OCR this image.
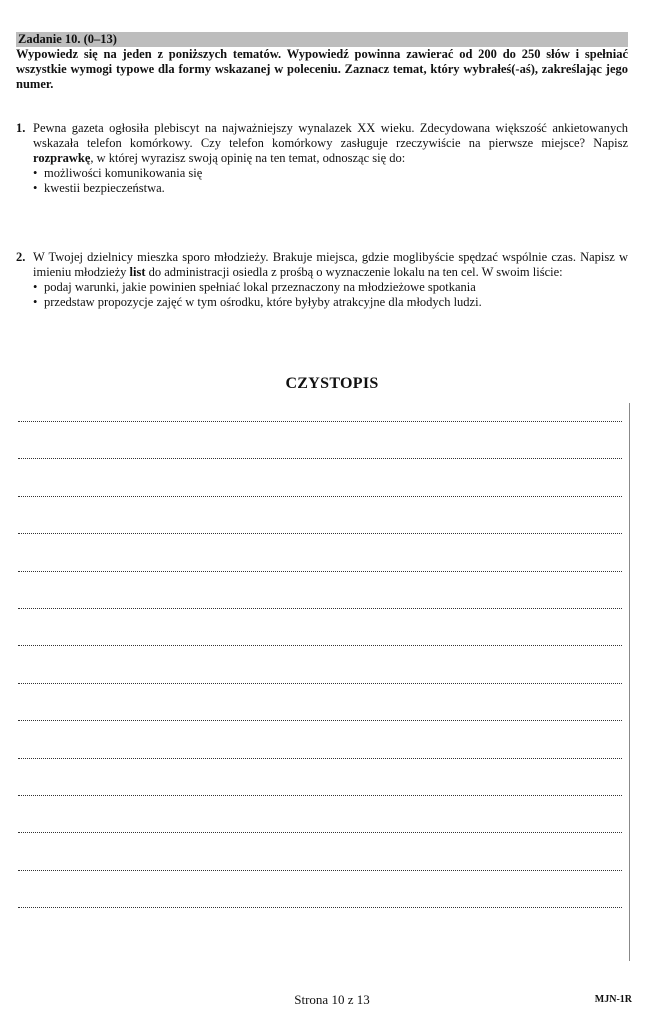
Zadanie 10. (0–13)
Wypowiedz się na jeden z poniższych tematów. Wypowiedź powinna zawierać od 200 do 250 słów i spełniać wszystkie wymogi typowe dla formy wskazanej w poleceniu. Zaznacz temat, który wybrałeś(-aś), zakreślając jego numer.
1. Pewna gazeta ogłosiła plebiscyt na najważniejszy wynalazek XX wieku. Zdecydowana większość ankietowanych wskazała telefon komórkowy. Czy telefon komórkowy zasługuje rzeczywiście na pierwsze miejsce? Napisz rozprawkę, w której wyrazisz swoją opinię na ten temat, odnosząc się do:
• możliwości komunikowania się
• kwestii bezpieczeństwa.
2. W Twojej dzielnicy mieszka sporo młodzieży. Brakuje miejsca, gdzie moglibyście spędzać wspólnie czas. Napisz w imieniu młodzieży list do administracji osiedla z prośbą o wyznaczenie lokalu na ten cel. W swoim liście:
• podaj warunki, jakie powinien spełniać lokal przeznaczony na młodzieżowe spotkania
• przedstaw propozycje zajęć w tym ośrodku, które byłyby atrakcyjne dla młodych ludzi.
CZYSTOPIS
Strona 10 z 13	MJN-1R
